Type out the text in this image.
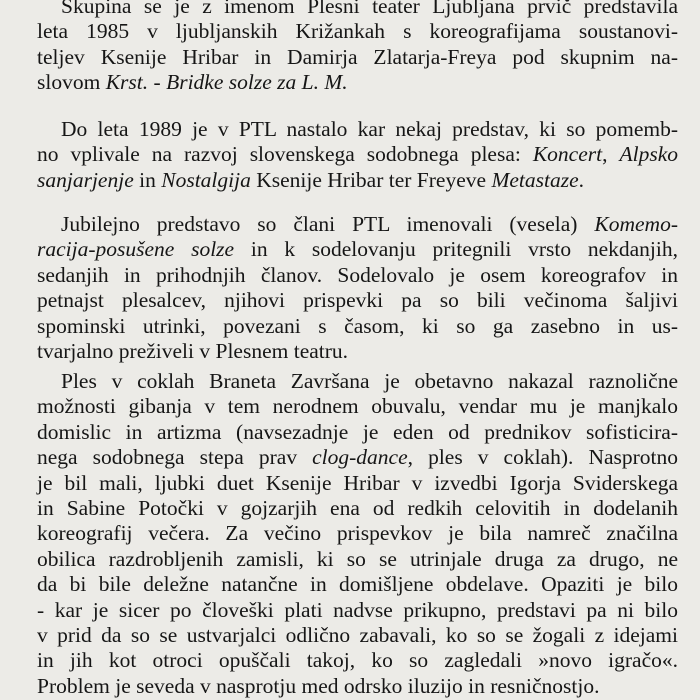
Skupina se je z imenom Plesni teater Ljubljana prvič predstavila
leta 1985 v ljubljanskih Križankah s koreografijama soustanovi-
teljev Ksenije Hribar in Damirja Zlatarja-Freya pod skupnim na-
slovom Krst. - Bridke solze za L. M.
Do leta 1989 je v PTL nastalo kar nekaj predstav, ki so pomemb-
no vplivale na razvoj slovenskega sodobnega plesa: Koncert, Alpsko
sanjarjenje in Nostalgija Ksenije Hribar ter Freyeve Metastaze.
Jubilejno predstavo so člani PTL imenovali (vesela) Komemo-
racija-posušene solze in k sodelovanju pritegnili vrsto nekdanjih,
sedanjih in prihodnjih članov. Sodelovalo je osem koreografov in
petnajst plesalcev, njihovi prispevki pa so bili večinoma šaljivi
spominski utrinki, povezani s časom, ki so ga zasebno in us-
tvarjalno preživeli v Plesnem teatru.
Ples v coklah Braneta Završana je obetavno nakazal raznolične
možnosti gibanja v tem nerodnem obuvalu, vendar mu je manjkalo
domislic in artizma (navsezadnje je eden od prednikov sofisticira-
nega sodobnega stepa prav clog-dance, ples v coklah). Nasprotno
je bil mali, ljubki duet Ksenije Hribar v izvedbi Igorja Sviderskega
in Sabine Potočki v gojzarjih ena od redkih celovitih in dodelanih
koreografij večera. Za večino prispevkov je bila namreč značilna
obilica razdrobljenih zamisli, ki so se utrinjale druga za drugo, ne
da bi bile deležne natančne in domišljene obdelave. Opaziti je bilo
- kar je sicer po človeški plati nadvse prikupno, predstavi pa ni bilo
v prid da so se ustvarjalci odlično zabavali, ko so se žogali z idejami
in jih kot otroci opuščali takoj, ko so zagledali »novo igračo«.
Problem je seveda v nasprotju med odrsko iluzijo in resničnostjo.
